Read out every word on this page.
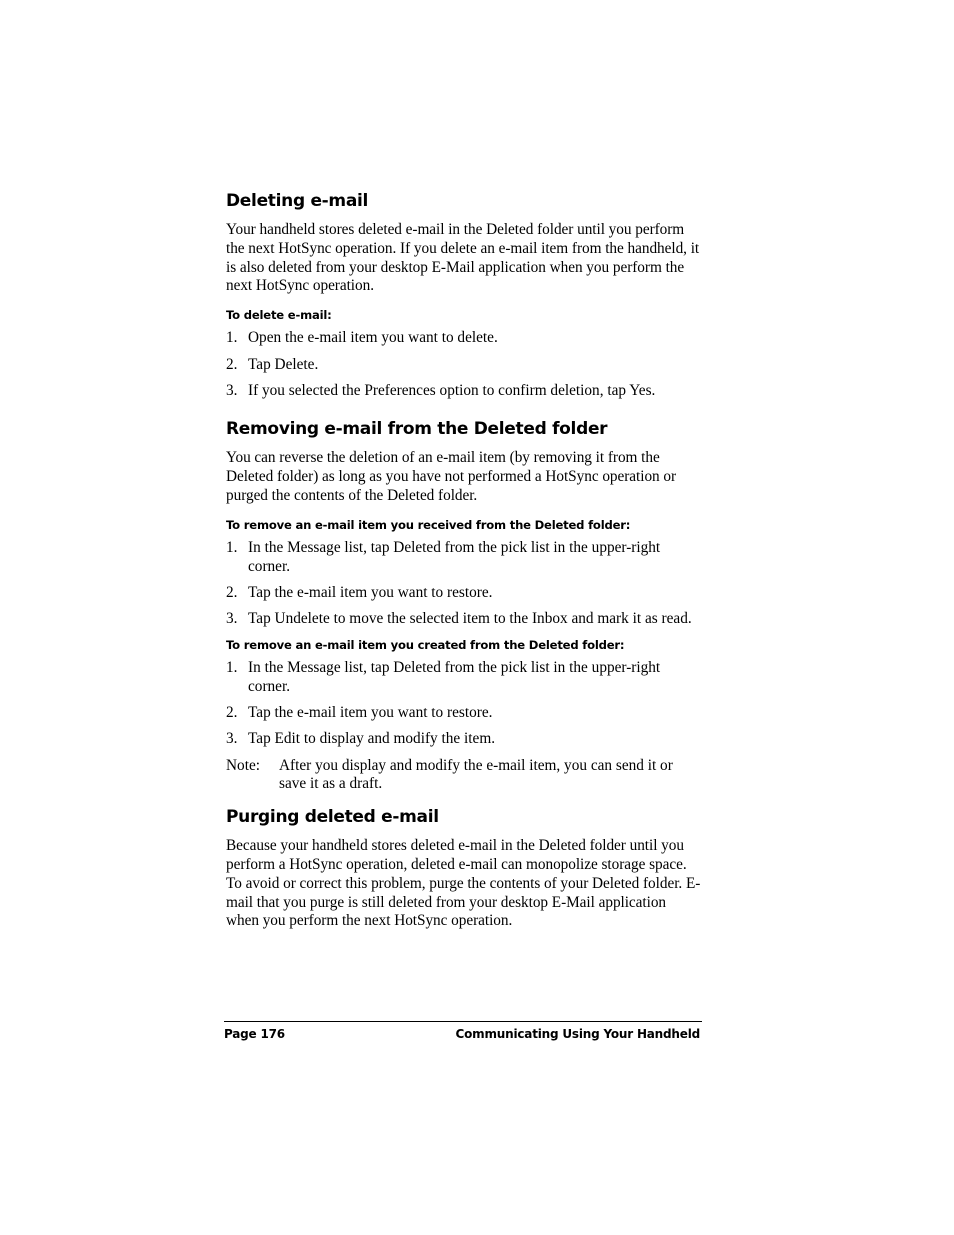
Deleting e-mail

Your handheld stores deleted e-mail in the Deleted folder until you perform the next HotSync operation. If you delete an e-mail item from the handheld, it is also deleted from your desktop E-Mail application when you perform the next HotSync operation.

To delete e-mail:
1. Open the e-mail item you want to delete.
2. Tap Delete.
3. If you selected the Preferences option to confirm deletion, tap Yes.
Removing e-mail from the Deleted folder

You can reverse the deletion of an e-mail item (by removing it from the Deleted folder) as long as you have not performed a HotSync operation or purged the contents of the Deleted folder.

To remove an e-mail item you received from the Deleted folder:
1. In the Message list, tap Deleted from the pick list in the upper-right corner.
2. Tap the e-mail item you want to restore.
3. Tap Undelete to move the selected item to the Inbox and mark it as read.
To remove an e-mail item you created from the Deleted folder:
1. In the Message list, tap Deleted from the pick list in the upper-right corner.
2. Tap the e-mail item you want to restore.
3. Tap Edit to display and modify the item.
Note: After you display and modify the e-mail item, you can send it or save it as a draft.
Purging deleted e-mail

Because your handheld stores deleted e-mail in the Deleted folder until you perform a HotSync operation, deleted e-mail can monopolize storage space. To avoid or correct this problem, purge the contents of your Deleted folder. E-mail that you purge is still deleted from your desktop E-Mail application when you perform the next HotSync operation.

Page 176	Communicating Using Your Handheld
